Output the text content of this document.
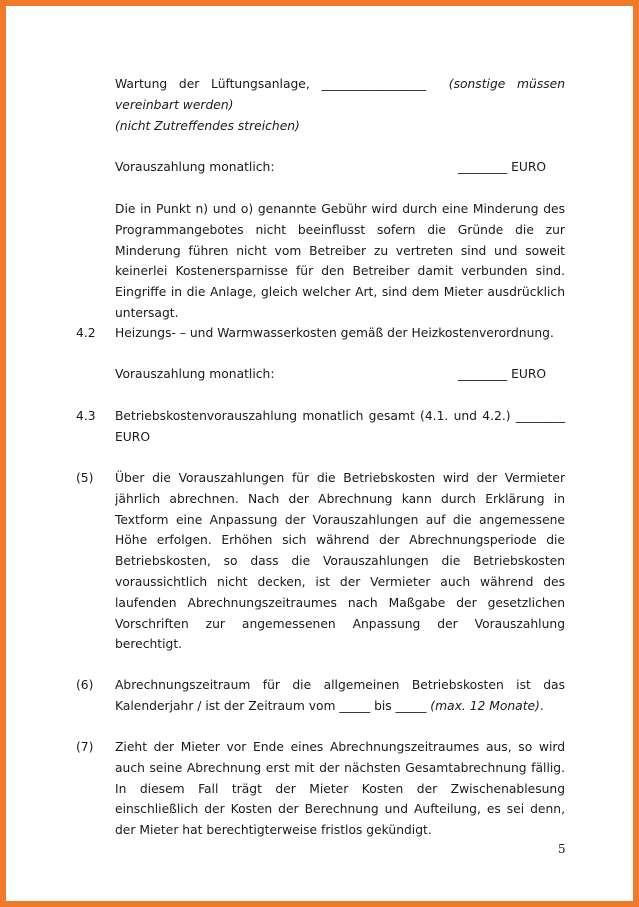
Wartung   der   Lüftungsanlage,   _________________ (sonstige   müssen
vereinbart werden)
(nicht Zutreffendes streichen)
Vorauszahlung monatlich:	________ EURO
Die in Punkt n) und o) genannte Gebühr wird durch eine Minderung des Programmangebotes nicht beeinflusst sofern die Gründe die zur Minderung führen nicht vom Betreiber zu vertreten sind und soweit keinerlei Kostenersparnisse für den Betreiber damit verbunden sind. Eingriffe in die Anlage, gleich welcher Art, sind dem Mieter ausdrücklich untersagt.
4.2 Heizungs- – und Warmwasserkosten gemäß der Heizkostenverordnung.
Vorauszahlung monatlich:	________ EURO
4.3 Betriebskostenvorauszahlung monatlich gesamt (4.1. und 4.2.) ________ EURO
(5) Über die Vorauszahlungen für die Betriebskosten wird der Vermieter jährlich abrechnen. Nach der Abrechnung kann durch Erklärung in Textform eine Anpassung der Vorauszahlungen auf die angemessene Höhe erfolgen. Erhöhen sich während der Abrechnungsperiode die Betriebskosten, so dass die Vorauszahlungen die Betriebskosten voraussichtlich nicht decken, ist der Vermieter auch während des laufenden Abrechnungszeitraumes nach Maßgabe der gesetzlichen Vorschriften zur angemessenen Anpassung der Vorauszahlung berechtigt.
(6) Abrechnungszeitraum für die allgemeinen Betriebskosten ist das Kalenderjahr / ist der Zeitraum vom _____ bis _____ (max. 12 Monate).
(7) Zieht der Mieter vor Ende eines Abrechnungszeitraumes aus, so wird auch seine Abrechnung erst mit der nächsten Gesamtabrechnung fällig. In diesem Fall trägt der Mieter Kosten der Zwischenablesung einschließlich der Kosten der Berechnung und Aufteilung, es sei denn, der Mieter hat berechtigterweise fristlos gekündigt.
5
